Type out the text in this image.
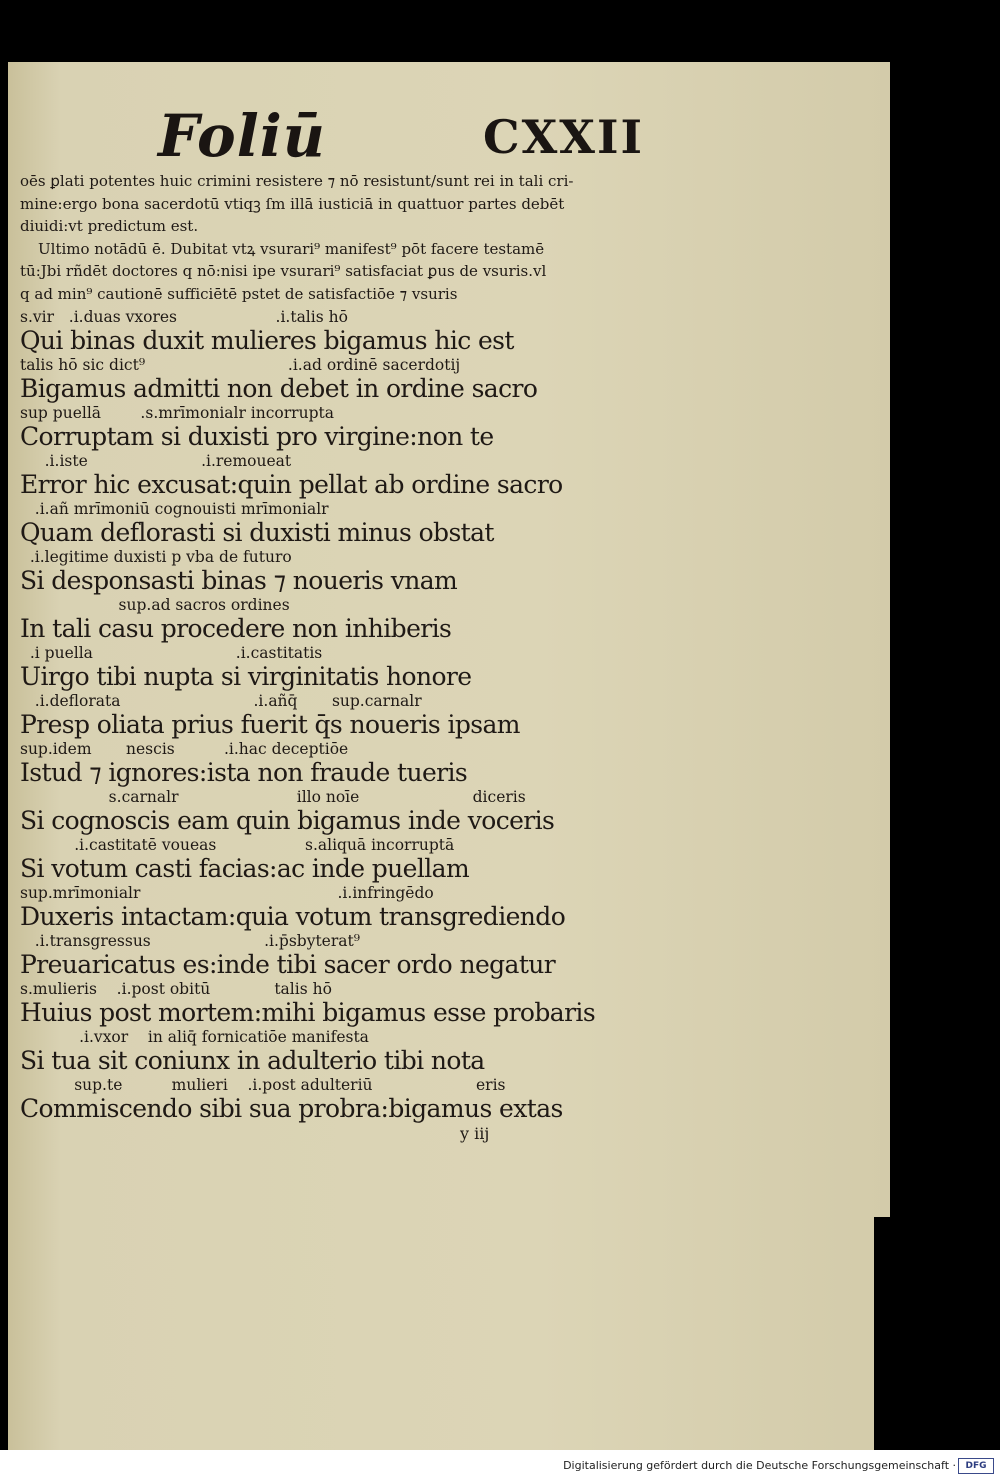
Foliū	CXXII
oēs ꝑlati potentes huic crimini resistere ⁊ nō resistunt/sunt rei in tali cri-
mine:ergo bona sacerdotū vtiqꝫ ſm illā iusticiā in quattuor partes debēt
diuidi:vt predictum est.
Ultimo notādū ē. Dubitat vtꝝ vsurari⁹ manifest⁹ pōt facere testamē
tū:Jbi rñdēt doctores q nō:nisi ipe vsurari⁹ satisfaciat ꝑus de vsuris.vl
q ad min⁹ cautionē sufficiētē pstet de satisfactiōe ⁊ vsuris
s.vir   .i.duas vxores                    .i.talis hō
Qui binas duxit mulieres bigamus hic est
talis hō sic dict⁹                             .i.ad ordinē sacerdotij
Bigamus admitti non debet in ordine sacro
sup puellā        .s.mrīmonialr incorrupta
Corruptam si duxisti pro virgine:non te
.i.iste                       .i.remoueat
Error hic excusat:quin pellat ab ordine sacro
.i.añ mrīmoniū cognouisti mrīmonialr
Quam deflorasti si duxisti minus obstat
.i.legitime duxisti p vba de futuro
Si desponsasti binas ⁊ noueris vnam
sup.ad sacros ordines
In tali casu procedere non inhiberis
.i puella                             .i.castitatis
Uirgo tibi nupta si virginitatis honore
.i.deflorata                           .i.añq̄       sup.carnalr
Presp oliata prius fuerit q̄s noueris ipsam
sup.idem       nescis          .i.hac deceptiōe
Istud ⁊ ignores:ista non fraude tueris
s.carnalr                        illo noīe                       diceris
Si cognoscis eam quin bigamus inde voceris
.i.castitatē voueas                  s.aliquā incorruptā
Si votum casti facias:ac inde puellam
sup.mrīmonialr                                        .i.infringēdo
Duxeris intactam:quia votum transgrediendo
.i.transgressus                       .i.p̄sbyterat⁹
Preuaricatus es:inde tibi sacer ordo negatur
s.mulieris    .i.post obitū             talis hō
Huius post mortem:mihi bigamus esse probaris
.i.vxor    in aliq̄ fornicatiōe manifesta
Si tua sit coniunx in adulterio tibi nota
sup.te          mulieri    .i.post adulteriū                     eris
Commiscendo sibi sua probra:bigamus extas
y iij
Digitalisierung gefördert durch die Deutsche Forschungsgemeinschaft ·	DFG
